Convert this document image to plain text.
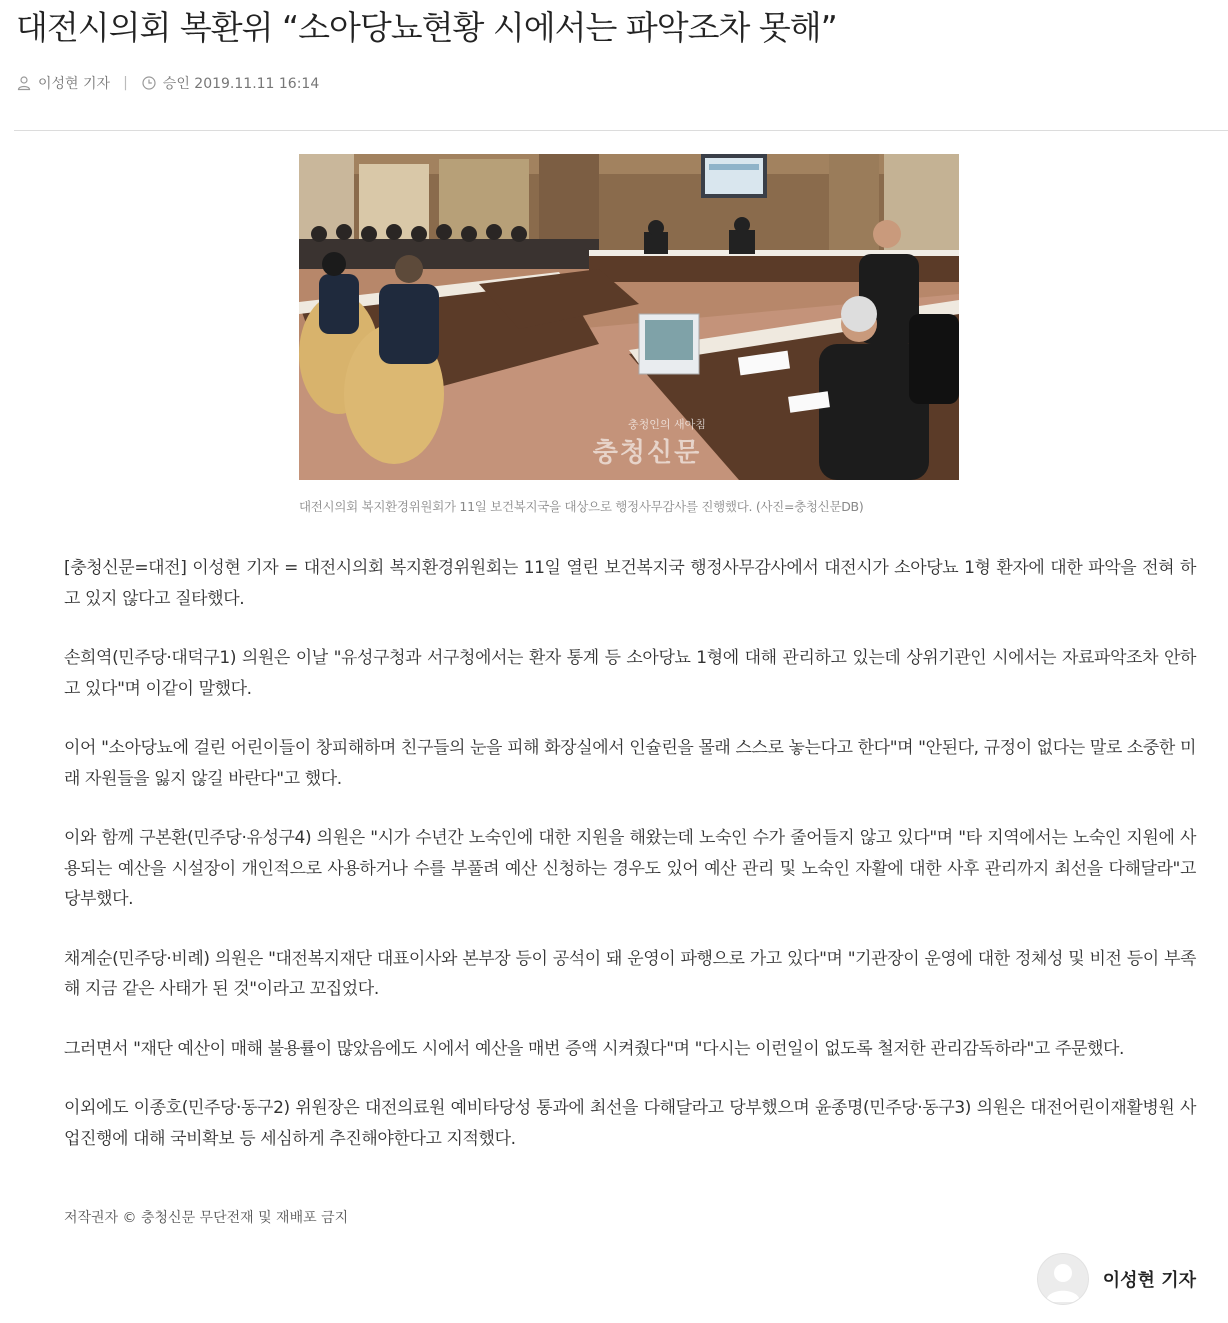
대전시의회 복환위 “소아당뇨현황 시에서는 파악조차 못해”
이성현 기자 |	승인 2019.11.11 16:14
충청인의 새아침
충청신문
대전시의회 복지환경위원회가 11일 보건복지국을 대상으로 행정사무감사를 진행했다. (사진=충청신문DB)

[충청신문=대전] 이성현 기자 = 대전시의회 복지환경위원회는 11일 열린 보건복지국 행정사무감사에서 대전시가 소아당뇨 1형 환자에 대한 파악을 전혀 하고 있지 않다고 질타했다.

손희역(민주당·대덕구1) 의원은 이날 "유성구청과 서구청에서는 환자 통계 등 소아당뇨 1형에 대해 관리하고 있는데 상위기관인 시에서는 자료파악조차 안하고 있다"며 이같이 말했다.

이어 "소아당뇨에 걸린 어린이들이 창피해하며 친구들의 눈을 피해 화장실에서 인슐린을 몰래 스스로 놓는다고 한다"며 "안된다, 규정이 없다는 말로 소중한 미래 자원들을 잃지 않길 바란다"고 했다.

이와 함께 구본환(민주당·유성구4) 의원은 "시가 수년간 노숙인에 대한 지원을 해왔는데 노숙인 수가 줄어들지 않고 있다"며 "타 지역에서는 노숙인 지원에 사용되는 예산을 시설장이 개인적으로 사용하거나 수를 부풀려 예산 신청하는 경우도 있어 예산 관리 및 노숙인 자활에 대한 사후 관리까지 최선을 다해달라"고 당부했다.

채계순(민주당·비례) 의원은 "대전복지재단 대표이사와 본부장 등이 공석이 돼 운영이 파행으로 가고 있다"며 "기관장이 운영에 대한 정체성 및 비전 등이 부족해 지금 같은 사태가 된 것"이라고 꼬집었다.

그러면서 "재단 예산이 매해 불용률이 많았음에도 시에서 예산을 매번 증액 시켜줬다"며 "다시는 이런일이 없도록 철저한 관리감독하라"고 주문했다.

이외에도 이종호(민주당·동구2) 위원장은 대전의료원 예비타당성 통과에 최선을 다해달라고 당부했으며 윤종명(민주당·동구3) 의원은 대전어린이재활병원 사업진행에 대해 국비확보 등 세심하게 추진해야한다고 지적했다.

저작권자 © 충청신문 무단전재 및 재배포 금지
이성현 기자
